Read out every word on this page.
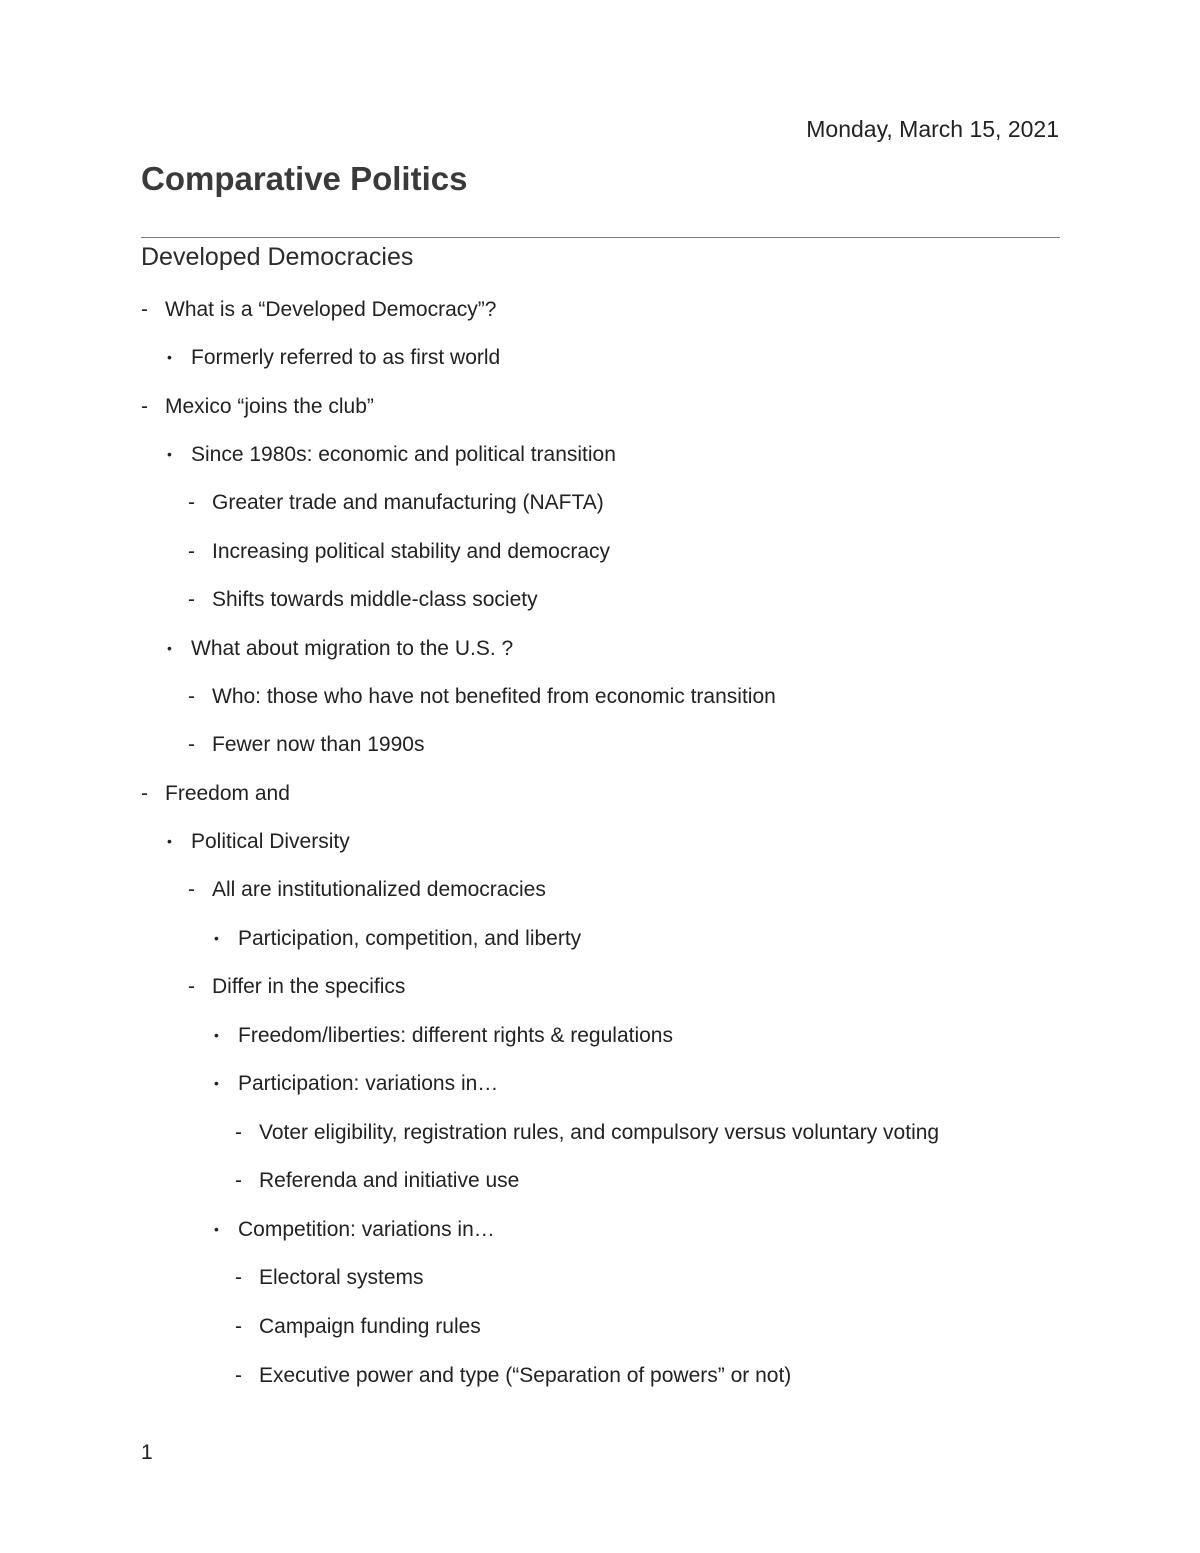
Monday, March 15, 2021
Comparative Politics
Developed Democracies
- What is a “Developed Democracy”?
• Formerly referred to as first world
- Mexico “joins the club”
• Since 1980s: economic and political transition
- Greater trade and manufacturing (NAFTA)
- Increasing political stability and democracy
- Shifts towards middle-class society
• What about migration to the U.S. ?
- Who: those who have not benefited from economic transition
- Fewer now than 1990s
- Freedom and
• Political Diversity
- All are institutionalized democracies
• Participation, competition, and liberty
- Differ in the specifics
• Freedom/liberties: different rights & regulations
• Participation: variations in…
- Voter eligibility, registration rules, and compulsory versus voluntary voting
- Referenda and initiative use
• Competition: variations in…
- Electoral systems
- Campaign funding rules
- Executive power and type (“Separation of powers” or not)
1
